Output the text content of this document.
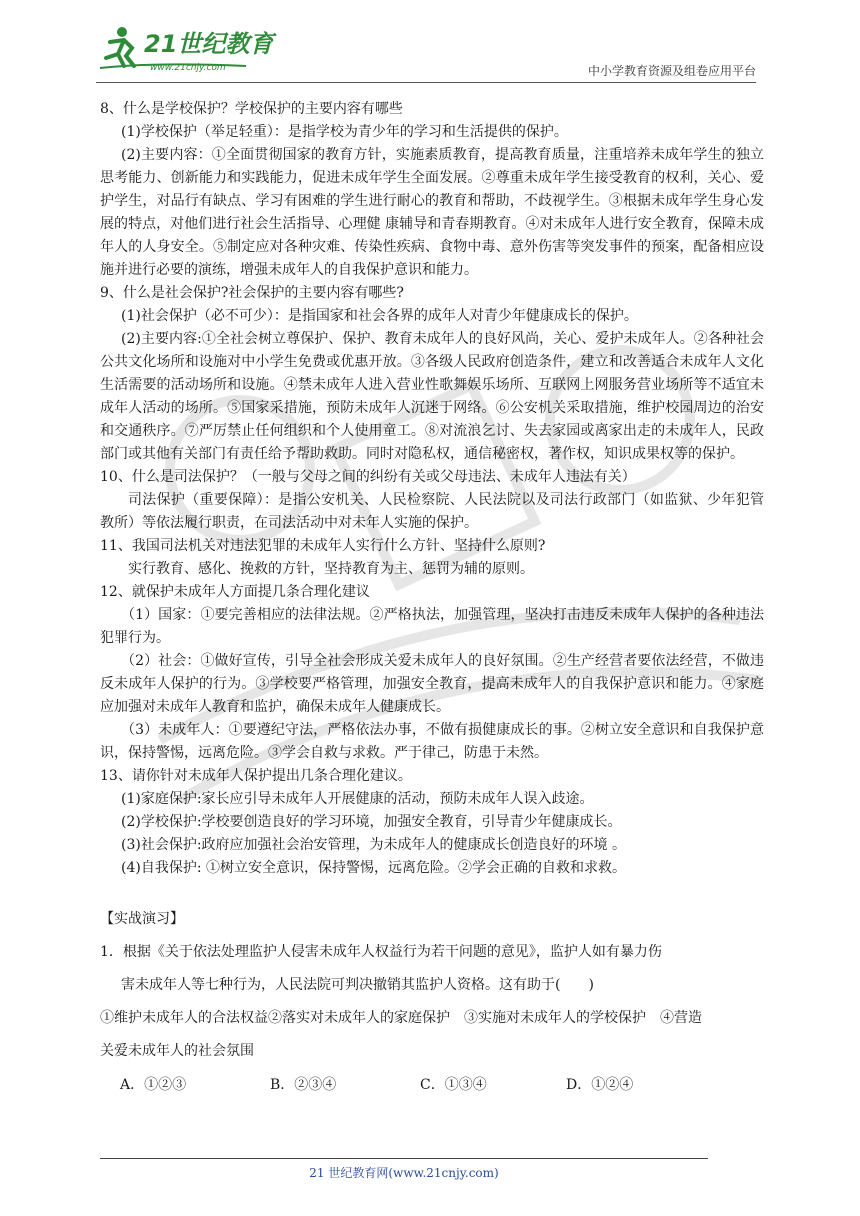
21世纪教育
www.21cnjy.com	中小学教育资源及组卷应用平台

8、什么是学校保护？学校保护的主要内容有哪些

(1)学校保护（举足轻重）：是指学校为青少年的学习和生活提供的保护。

(2)主要内容：①全面贯彻国家的教育方针，实施素质教育，提高教育质量，注重培养未成年学生的独立思考能力、创新能力和实践能力，促进未成年学生全面发展。②尊重未成年学生接受教育的权利，关心、爱护学生，对品行有缺点、学习有困难的学生进行耐心的教育和帮助，不歧视学生。③根据未成年学生身心发展的特点，对他们进行社会生活指导、心理健 康辅导和青春期教育。④对未成年人进行安全教育，保障未成年人的人身安全。⑤制定应对各种灾难、传染性疾病、食物中毒、意外伤害等突发事件的预案，配备相应设施并进行必要的演练，增强未成年人的自我保护意识和能力。

9、什么是社会保护?社会保护的主要内容有哪些?

(1)社会保护（必不可少）：是指国家和社会各界的成年人对青少年健康成长的保护。

(2)主要内容:①全社会树立尊保护、保护、教育未成年人的良好风尚，关心、爱护未成年人。②各种社会公共文化场所和设施对中小学生免费或优惠开放。③各级人民政府创造条件，建立和改善适合未成年人文化生活需要的活动场所和设施。④禁未成年人进入营业性歌舞娱乐场所、互联网上网服务营业场所等不适宜未成年人活动的场所。⑤国家采措施，预防未成年人沉迷于网络。⑥公安机关采取措施，维护校园周边的治安和交通秩序。⑦严厉禁止任何组织和个人使用童工。⑧对流浪乞讨、失去家园或离家出走的未成年人，民政部门或其他有关部门有责任给予帮助救助。同时对隐私权，通信秘密权，著作权，知识成果权等的保护。

10、什么是司法保护？（一般与父母之间的纠纷有关或父母违法、未成年人违法有关）

司法保护（重要保障）：是指公安机关、人民检察院、人民法院以及司法行政部门（如监狱、少年犯管教所）等依法履行职责，在司法活动中对未年人实施的保护。

11、我国司法机关对违法犯罪的未成年人实行什么方针、坚持什么原则?

实行教育、感化、挽救的方针，坚持教育为主、惩罚为辅的原则。

12、就保护未成年人方面提几条合理化建议

（1）国家：①要完善相应的法律法规。②严格执法，加强管理，坚决打击违反未成年人保护的各种违法犯罪行为。

（2）社会：①做好宣传，引导全社会形成关爱未成年人的良好氛围。②生产经营者要依法经营，不做违反未成年人保护的行为。③学校要严格管理，加强安全教育，提高未成年人的自我保护意识和能力。④家庭应加强对未成年人教育和监护，确保未成年人健康成长。

（3）未成年人：①要遵纪守法，严格依法办事，不做有损健康成长的事。②树立安全意识和自我保护意识，保持警惕，远离危险。③学会自救与求救。严于律己，防患于未然。

13、请你针对未成年人保护提出几条合理化建议。

(1)家庭保护:家长应引导未成年人开展健康的活动，预防未成年人误入歧途。

(2)学校保护:学校要创造良好的学习环境，加强安全教育，引导青少年健康成长。

(3)社会保护:政府应加强社会治安管理，为未成年人的健康成长创造良好的环境 。

(4)自我保护: ①树立安全意识，保持警惕，远离危险。②学会正确的自救和求救。

【实战演习】

1．根据《关于依法处理监护人侵害未成年人权益行为若干问题的意见》，监护人如有暴力伤

害未成年人等七种行为，人民法院可判决撤销其监护人资格。这有助于(　　)

①维护未成年人的合法权益②落实对未成年人的家庭保护　③实施对未成年人的学校保护　④营造

关爱未成年人的社会氛围

A．①②③	B．②③④	C．①③④	D．①②④
21 世纪教育网(www.21cnjy.com)
